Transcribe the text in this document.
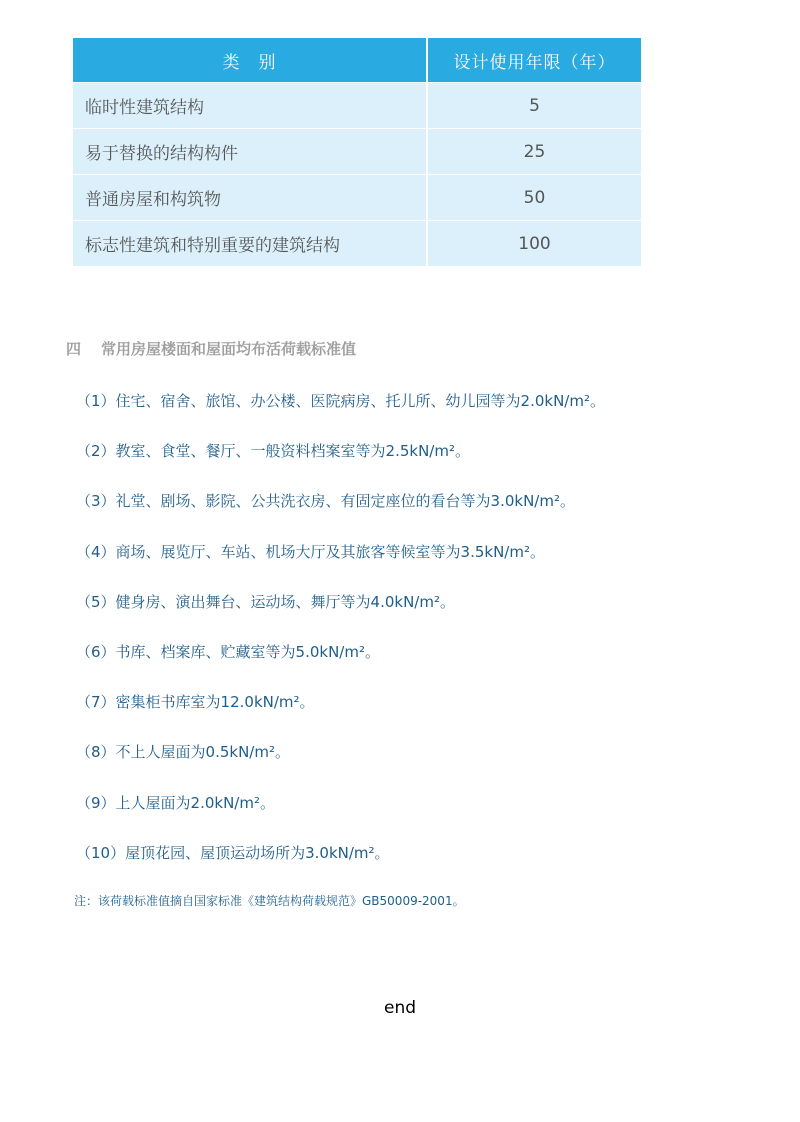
类　别	设计使用年限（年）
临时性建筑结构	5
易于替换的结构构件	25
普通房屋和构筑物	50
标志性建筑和特别重要的建筑结构	100
四 常用房屋楼面和屋面均布活荷载标准值
（1）住宅、宿舍、旅馆、办公楼、医院病房、托儿所、幼儿园等为2.0kN/m²。
（2）教室、食堂、餐厅、一般资料档案室等为2.5kN/m²。
（3）礼堂、剧场、影院、公共洗衣房、有固定座位的看台等为3.0kN/m²。
（4）商场、展览厅、车站、机场大厅及其旅客等候室等为3.5kN/m²。
（5）健身房、演出舞台、运动场、舞厅等为4.0kN/m²。
（6）书库、档案库、贮藏室等为5.0kN/m²。
（7）密集柜书库室为12.0kN/m²。
（8）不上人屋面为0.5kN/m²。
（9）上人屋面为2.0kN/m²。
（10）屋顶花园、屋顶运动场所为3.0kN/m²。

注：该荷载标准值摘自国家标准《建筑结构荷载规范》GB50009-2001。

end
